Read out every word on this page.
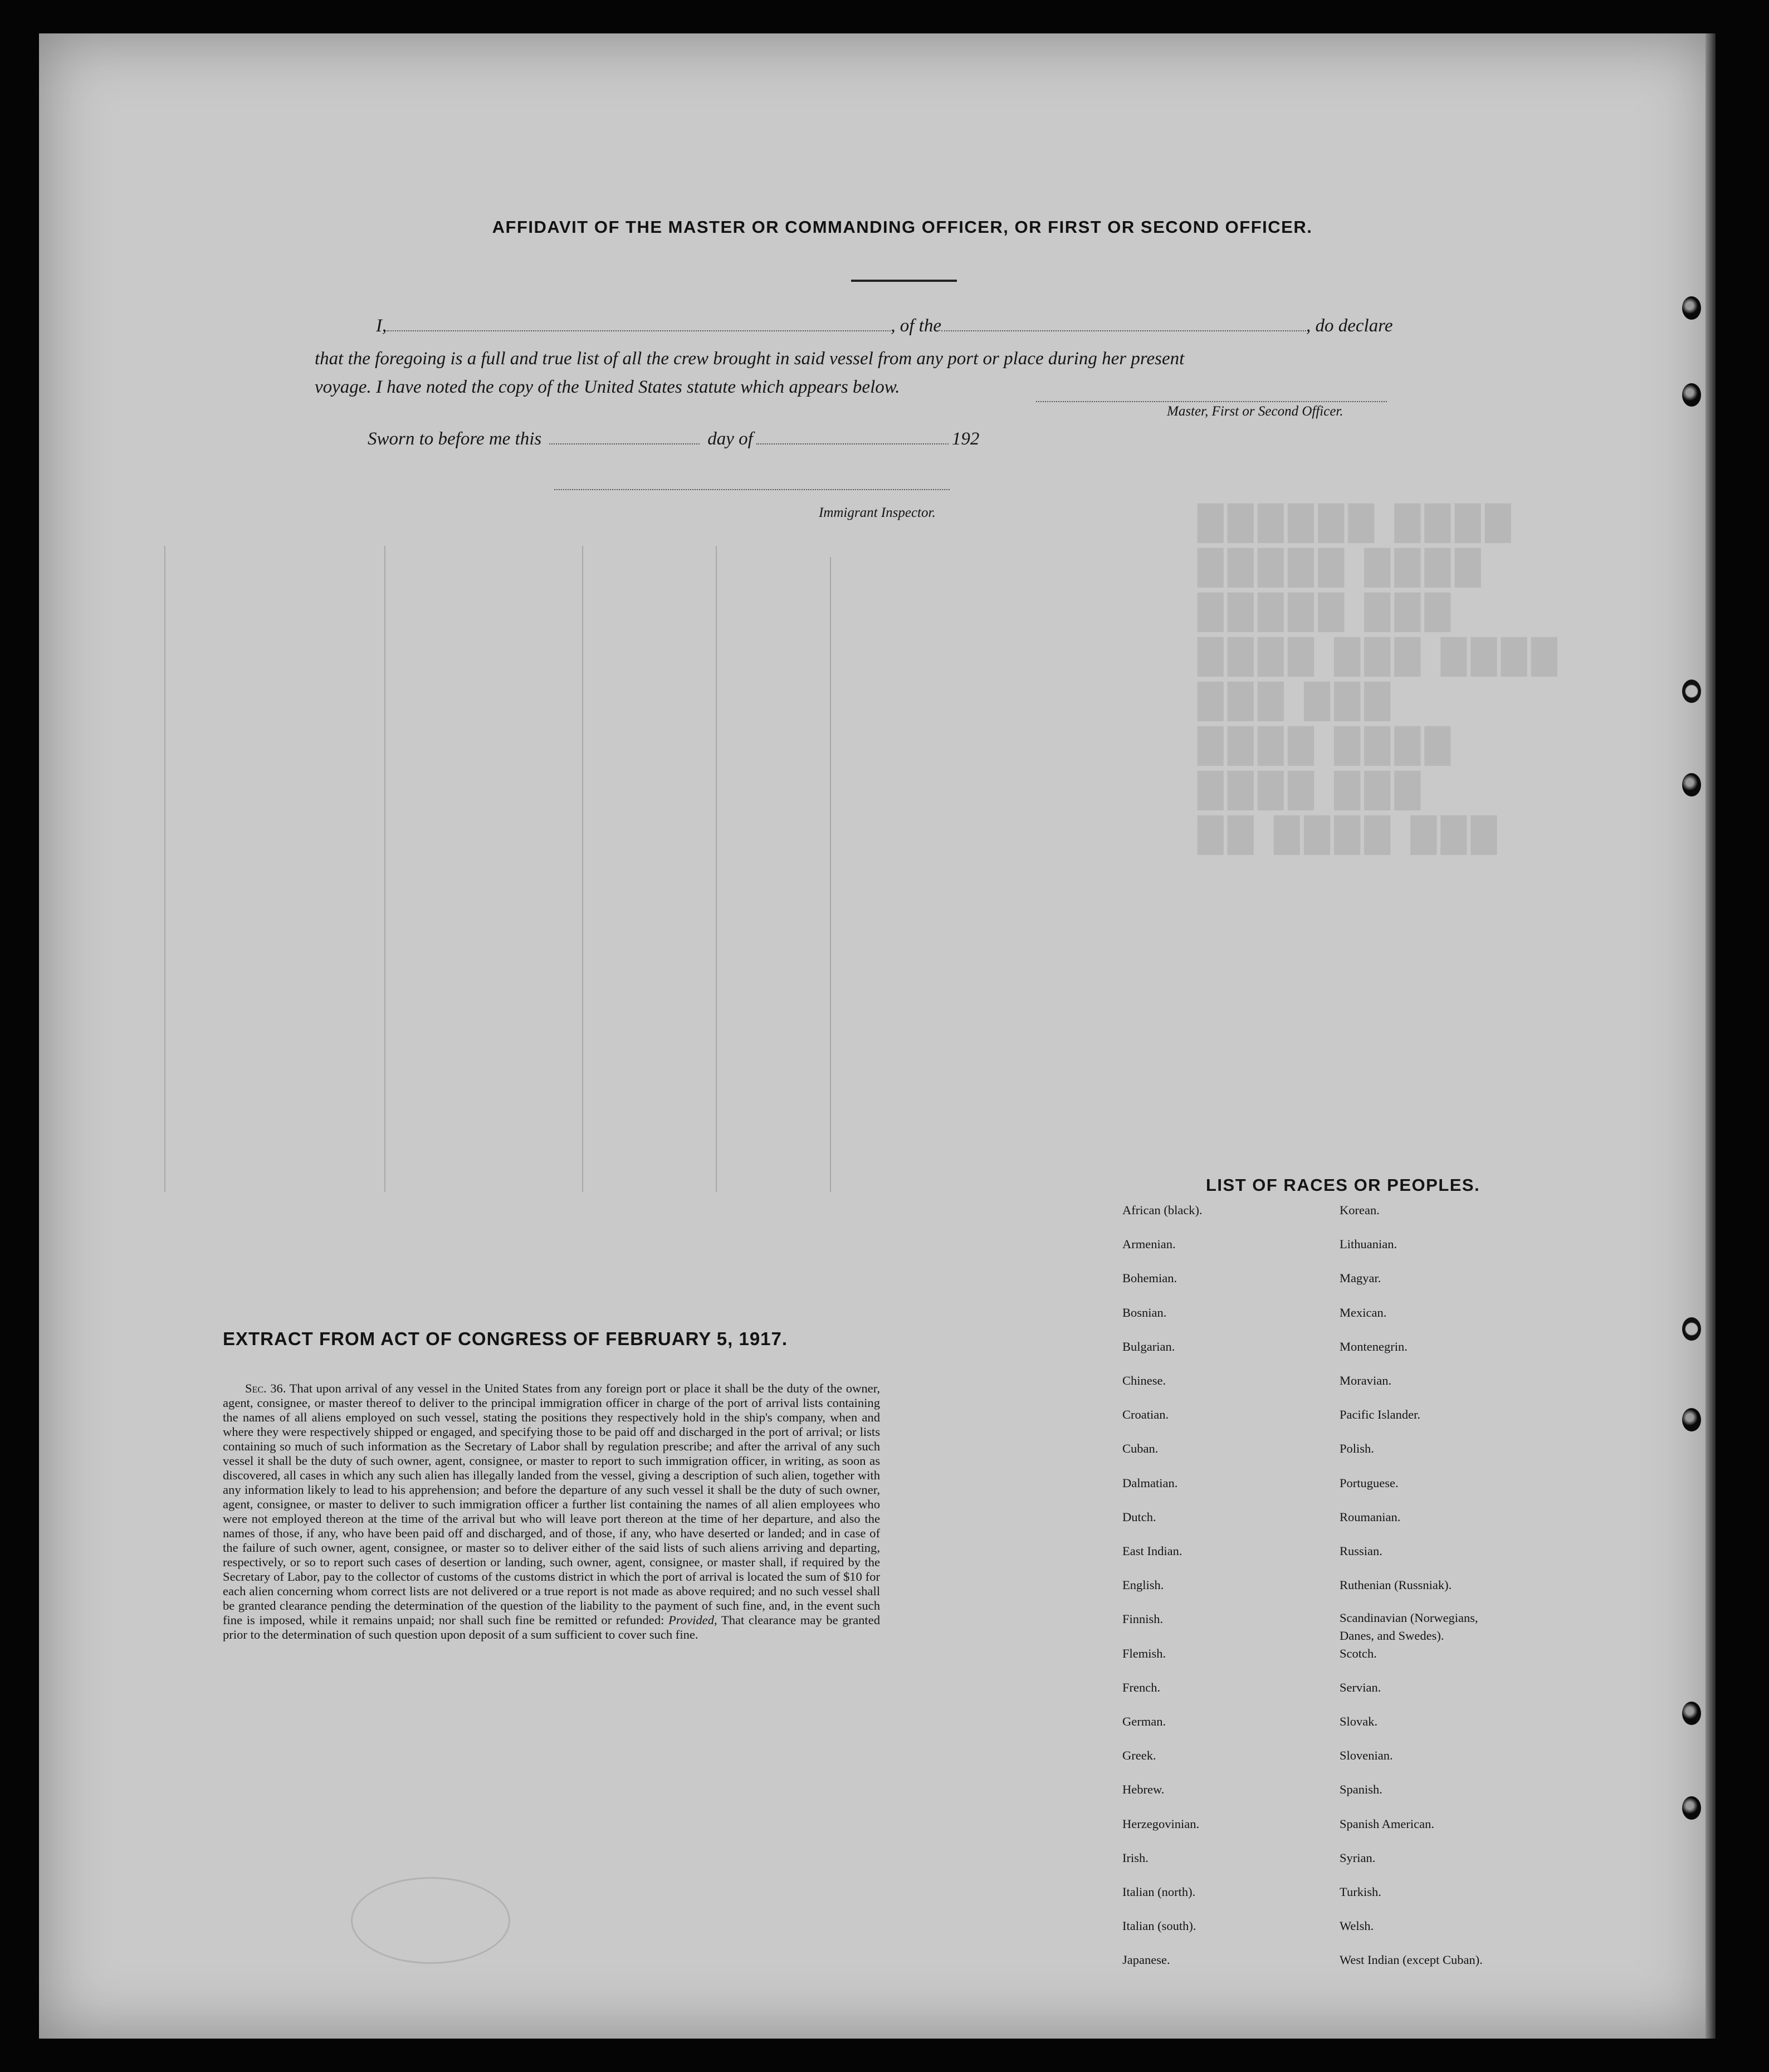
██████ ████
█████ ████
█████ ███
████ ███ ████
███ ███
████ ████
████ ███
██ ████ ███
AFFIDAVIT OF THE MASTER OR COMMANDING OFFICER, OR FIRST OR SECOND OFFICER.
I,	, of the	, do declare
that the foregoing is a full and true list of all the crew brought in said vessel from any port or place during her present
voyage. I have noted the copy of the United States statute which appears below.
Master, First or Second Officer.
Sworn to before me this	day of	192
Immigrant Inspector.
EXTRACT FROM ACT OF CONGRESS OF FEBRUARY 5, 1917.
Sec. 36. That upon arrival of any vessel in the United States from any foreign port or place it shall be the duty of the owner, agent, consignee, or master thereof to deliver to the principal immigration officer in charge of the port of arrival lists containing the names of all aliens employed on such vessel, stating the positions they respectively hold in the ship's company, when and where they were respectively shipped or engaged, and specifying those to be paid off and discharged in the port of arrival; or lists containing so much of such information as the Secretary of Labor shall by regulation prescribe; and after the arrival of any such vessel it shall be the duty of such owner, agent, consignee, or master to report to such immigration officer, in writing, as soon as discovered, all cases in which any such alien has illegally landed from the vessel, giving a description of such alien, together with any information likely to lead to his apprehension; and before the departure of any such vessel it shall be the duty of such owner, agent, consignee, or master to deliver to such immigration officer a further list containing the names of all alien employees who were not employed thereon at the time of the arrival but who will leave port thereon at the time of her departure, and also the names of those, if any, who have been paid off and discharged, and of those, if any, who have deserted or landed; and in case of the failure of such owner, agent, consignee, or master so to deliver either of the said lists of such aliens arriving and departing, respectively, or so to report such cases of desertion or landing, such owner, agent, consignee, or master shall, if required by the Secretary of Labor, pay to the collector of customs of the customs district in which the port of arrival is located the sum of $10 for each alien concerning whom correct lists are not delivered or a true report is not made as above required; and no such vessel shall be granted clearance pending the determination of the question of the liability to the payment of such fine, and, in the event such fine is imposed, while it remains unpaid; nor shall such fine be remitted or refunded: Provided, That clearance may be granted prior to the determination of such question upon deposit of a sum sufficient to cover such fine.
LIST OF RACES OR PEOPLES.
African (black).
Armenian.
Bohemian.
Bosnian.
Bulgarian.
Chinese.
Croatian.
Cuban.
Dalmatian.
Dutch.
East Indian.
English.
Finnish.
Flemish.
French.
German.
Greek.
Hebrew.
Herzegovinian.
Irish.
Italian (north).
Italian (south).
Japanese.
Korean.
Lithuanian.
Magyar.
Mexican.
Montenegrin.
Moravian.
Pacific Islander.
Polish.
Portuguese.
Roumanian.
Russian.
Ruthenian (Russniak).
Scandinavian (Norwegians,
Danes, and Swedes).
Scotch.
Servian.
Slovak.
Slovenian.
Spanish.
Spanish American.
Syrian.
Turkish.
Welsh.
West Indian (except Cuban).
